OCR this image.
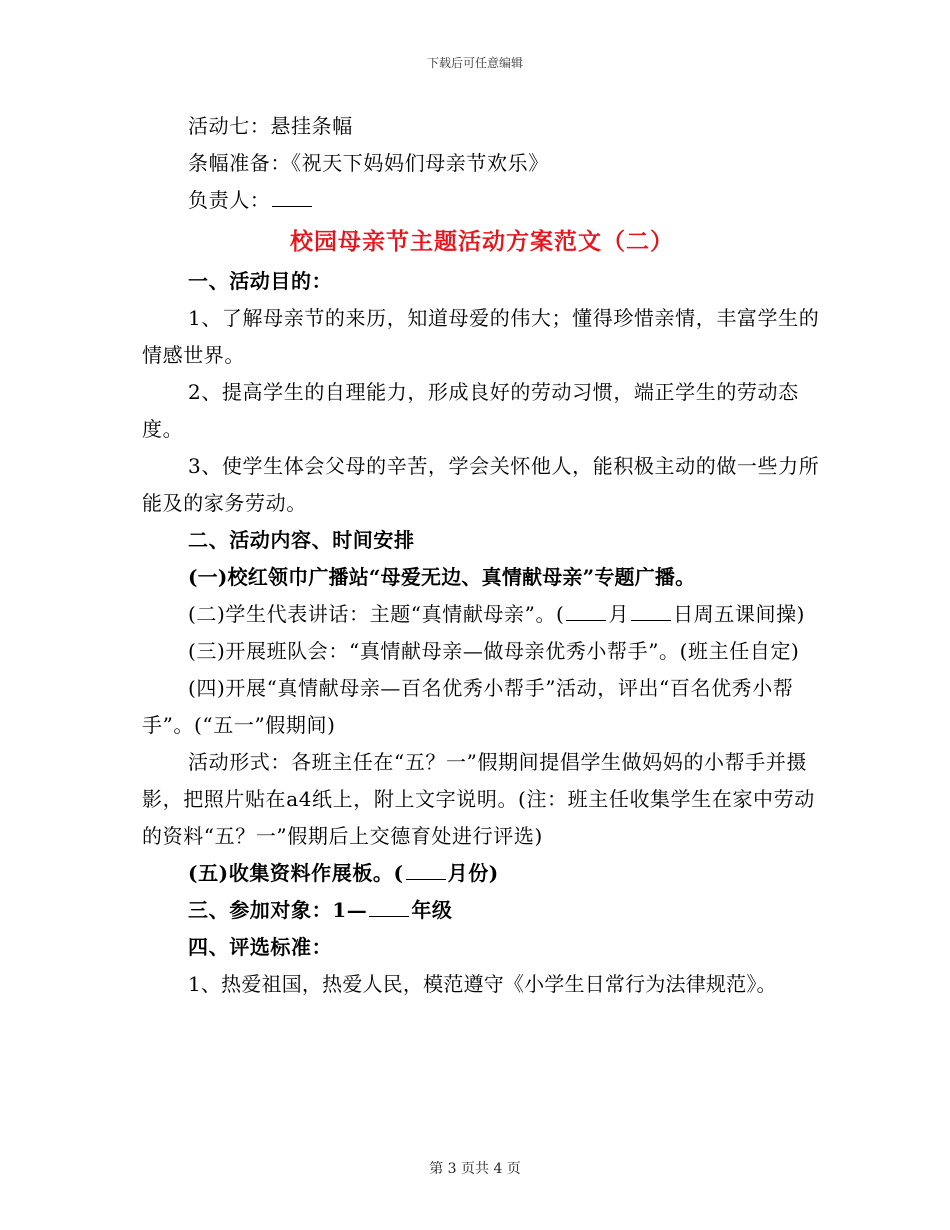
下载后可任意编辑

活动七：悬挂条幅

条幅准备：《祝天下妈妈们母亲节欢乐》

负责人：

校园母亲节主题活动方案范文（二）

一、活动目的：

1、了解母亲节的来历，知道母爱的伟大；懂得珍惜亲情，丰富学生的情感世界。

2、提高学生的自理能力，形成良好的劳动习惯，端正学生的劳动态度。

3、使学生体会父母的辛苦，学会关怀他人，能积极主动的做一些力所能及的家务劳动。

二、活动内容、时间安排

(一)校红领巾广播站“母爱无边、真情献母亲”专题广播。

(二)学生代表讲话：主题“真情献母亲”。( 月 日周五课间操)

(三)开展班队会：“真情献母亲—做母亲优秀小帮手”。(班主任自定)

(四)开展“真情献母亲—百名优秀小帮手”活动，评出“百名优秀小帮手”。(“五一”假期间)

活动形式：各班主任在“五？一”假期间提倡学生做妈妈的小帮手并摄影，把照片贴在a4纸上，附上文字说明。(注：班主任收集学生在家中劳动的资料“五？一”假期后上交德育处进行评选)

(五)收集资料作展板。( 月份)

三、参加对象：1— 年级

四、评选标准：

1、热爱祖国，热爱人民，模范遵守《小学生日常行为法律规范》。

第 3 页共 4 页
